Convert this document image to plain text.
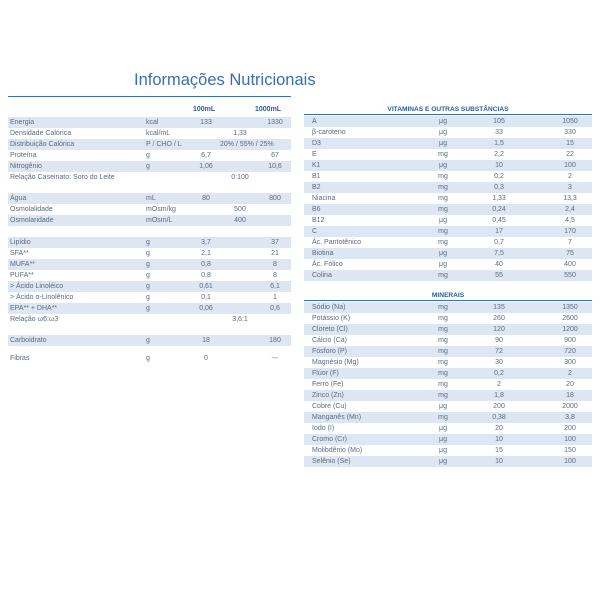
Informações Nutricionais
100mL	1000mL
Energia	kcal	133	1330
Densidade Calórica	kcal/mL	1,33
Distribuição Calórica	P / CHO / L	20% / 55% / 25%
Proteína	g	6,7	67
Nitrogênio	g	1,06	10,6
Relação Caseinato: Soro do Leite	0:100
Água	mL	80	800
Osmolalidade	mOsm/kg	500
Osmolaridade	mOsm/L	400
Lipídio	g	3,7	37
SFA**	g	2,1	21
MUFA**	g	0,8	8
PUFA**	g	0,8	8
> Ácido Linoléico	g	0,61	6,1
> Ácido α-Linolênico	g	0,1	1
EPA** + DHA**	g	0,06	0,6
Relação ω6:ω3	3,6:1
Carboidrato	g	18	180
Fibras	g	0	---
VITAMINAS E OUTRAS SUBSTÂNCIAS
A	μg	105	1050
β-caroteno	μg	33	330
D3	μg	1,5	15
E	mg	2,2	22
K1	μg	10	100
B1	mg	0,2	2
B2	mg	0,3	3
Niacina	mg	1,33	13,3
B6	mg	0,24	2,4
B12	μg	0,45	4,5
C	mg	17	170
Ác. Pantotênico	mg	0,7	7
Biotina	μg	7,5	75
Ác. Fólico	μg	40	400
Colina	mg	55	550
MINERAIS
Sódio (Na)	mg	135	1350
Potássio (K)	mg	260	2600
Cloreto (Cl)	mg	120	1200
Cálcio (Ca)	mg	90	900
Fósforo (P)	mg	72	720
Magnésio (Mg)	mg	30	300
Flúor (F)	mg	0,2	2
Ferro (Fe)	mg	2	20
Zinco (Zn)	mg	1,8	18
Cobre (Cu)	μg	200	2000
Manganês (Mn)	mg	0,38	3,8
Iodo (I)	μg	20	200
Cromo (Cr)	μg	10	100
Molibdênio (Mo)	μg	15	150
Selênio (Se)	μg	10	100
